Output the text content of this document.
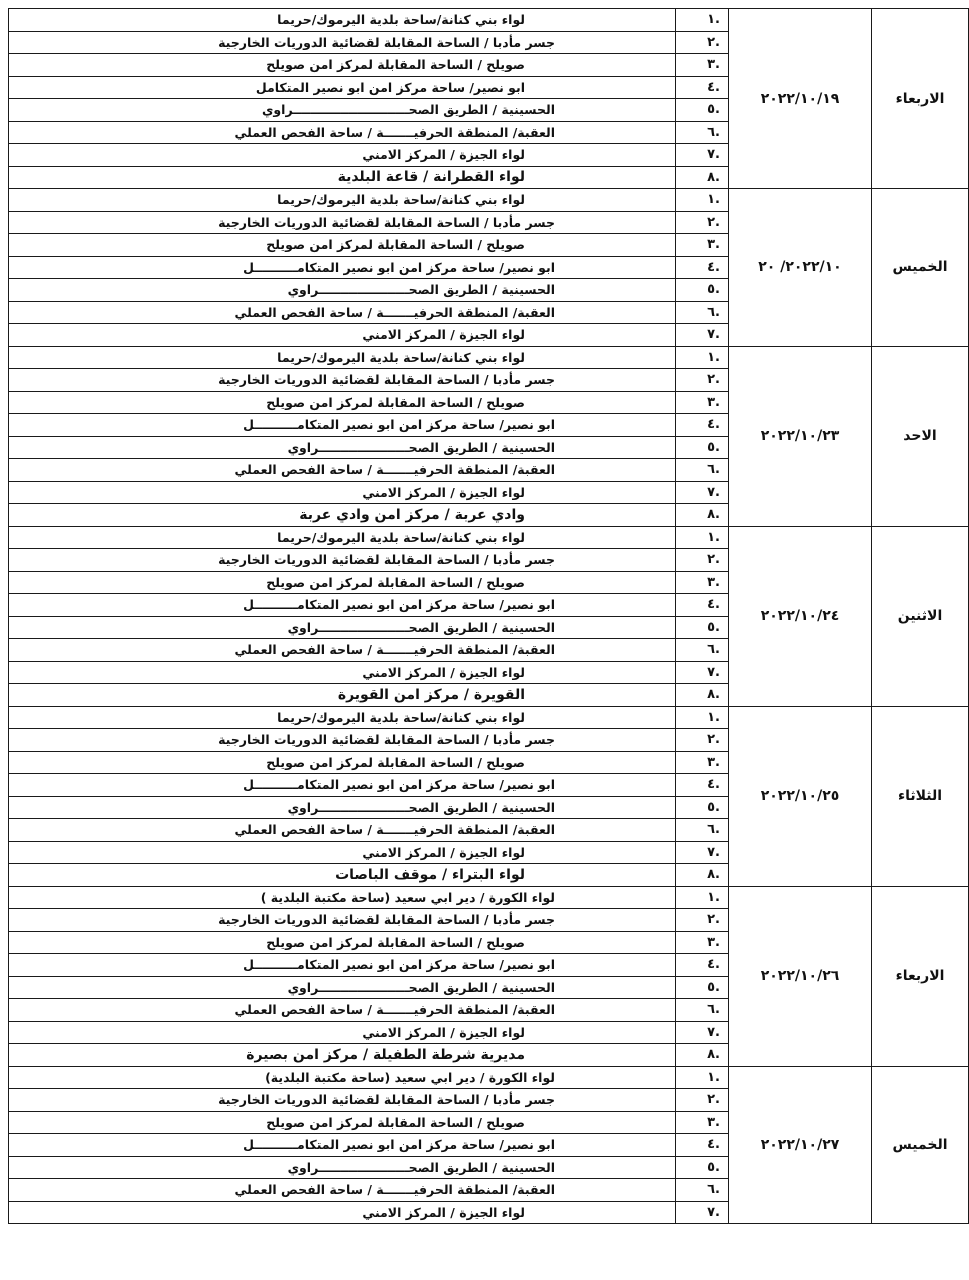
الاربعاء	٢٠٢٢/١٠/١٩	.١	لواء بني كنانة/ساحة بلدية اليرموك/حريما
		.٢	جسر مأدبا / الساحة المقابلة لقضائية الدوريات الخارجية
		.٣	صويلح / الساحة المقابلة لمركز امن صويلح
		.٤	ابو نصير/ ساحة مركز امن ابو نصير المتكامل
		.٥	الحسينية / الطريق الصحـــــــــــــــــــــــــــراوي
		.٦	العقبة/ المنطقة الحرفيـــــــة / ساحة الفحص العملي
		.٧	لواء الجيزة / المركز الامني
		.٨	لواء القطرانة / قاعة البلدية
الخميس	٢٠٢٢/١٠/ ٢٠	.١	لواء بني كنانة/ساحة بلدية اليرموك/حريما
		.٢	جسر مأدبا / الساحة المقابلة لقضائية الدوريات الخارجية
		.٣	صويلح / الساحة المقابلة لمركز امن صويلح
		.٤	ابو نصير/ ساحة مركز امن ابو نصير المتكامــــــــــل
		.٥	الحسينية / الطريق الصحـــــــــــــــــــــراوي
		.٦	العقبة/ المنطقة الحرفيـــــــة / ساحة الفحص العملي
		.٧	لواء الجيزة / المركز الامني
الاحد	٢٠٢٢/١٠/٢٣	.١	لواء بني كنانة/ساحة بلدية اليرموك/حريما
		.٢	جسر مأدبا / الساحة المقابلة لقضائية الدوريات الخارجية
		.٣	صويلح / الساحة المقابلة لمركز امن صويلح
		.٤	ابو نصير/ ساحة مركز امن ابو نصير المتكامــــــــــل
		.٥	الحسينية / الطريق الصحـــــــــــــــــــــراوي
		.٦	العقبة/ المنطقة الحرفيـــــــة / ساحة الفحص العملي
		.٧	لواء الجيزة / المركز الامني
		.٨	وادي عربة / مركز امن وادي عربة
الاثنين	٢٠٢٢/١٠/٢٤	.١	لواء بني كنانة/ساحة بلدية اليرموك/حريما
		.٢	جسر مأدبا / الساحة المقابلة لقضائية الدوريات الخارجية
		.٣	صويلح / الساحة المقابلة لمركز امن صويلح
		.٤	ابو نصير/ ساحة مركز امن ابو نصير المتكامــــــــــل
		.٥	الحسينية / الطريق الصحـــــــــــــــــــــراوي
		.٦	العقبة/ المنطقة الحرفيـــــــة / ساحة الفحص العملي
		.٧	لواء الجيزة / المركز الامني
		.٨	القويرة / مركز امن القويرة
الثلاثاء	٢٠٢٢/١٠/٢٥	.١	لواء بني كنانة/ساحة بلدية اليرموك/حريما
		.٢	جسر مأدبا / الساحة المقابلة لقضائية الدوريات الخارجية
		.٣	صويلح / الساحة المقابلة لمركز امن صويلح
		.٤	ابو نصير/ ساحة مركز امن ابو نصير المتكامــــــــــل
		.٥	الحسينية / الطريق الصحـــــــــــــــــــــراوي
		.٦	العقبة/ المنطقة الحرفيـــــــة / ساحة الفحص العملي
		.٧	لواء الجيزة / المركز الامني
		.٨	لواء البتراء / موقف الباصات
الاربعاء	٢٠٢٢/١٠/٢٦	.١	لواء الكورة / دير ابي سعيد (ساحة مكتبة البلدية )
		.٢	جسر مأدبا / الساحة المقابلة لقضائية الدوريات الخارجية
		.٣	صويلح / الساحة المقابلة لمركز امن صويلح
		.٤	ابو نصير/ ساحة مركز امن ابو نصير المتكامــــــــــل
		.٥	الحسينية / الطريق الصحـــــــــــــــــــــراوي
		.٦	العقبة/ المنطقة الحرفيـــــــة / ساحة الفحص العملي
		.٧	لواء الجيزة / المركز الامني
		.٨	مديرية شرطة الطفيلة / مركز امن بصيرة
الخميس	٢٠٢٢/١٠/٢٧	.١	لواء الكورة / دير ابي سعيد (ساحة مكتبة البلدية)
		.٢	جسر مأدبا / الساحة المقابلة لقضائية الدوريات الخارجية
		.٣	صويلح / الساحة المقابلة لمركز امن صويلح
		.٤	ابو نصير/ ساحة مركز امن ابو نصير المتكامــــــــــل
		.٥	الحسينية / الطريق الصحـــــــــــــــــــــراوي
		.٦	العقبة/ المنطقة الحرفيـــــــة / ساحة الفحص العملي
		.٧	لواء الجيزة / المركز الامني
